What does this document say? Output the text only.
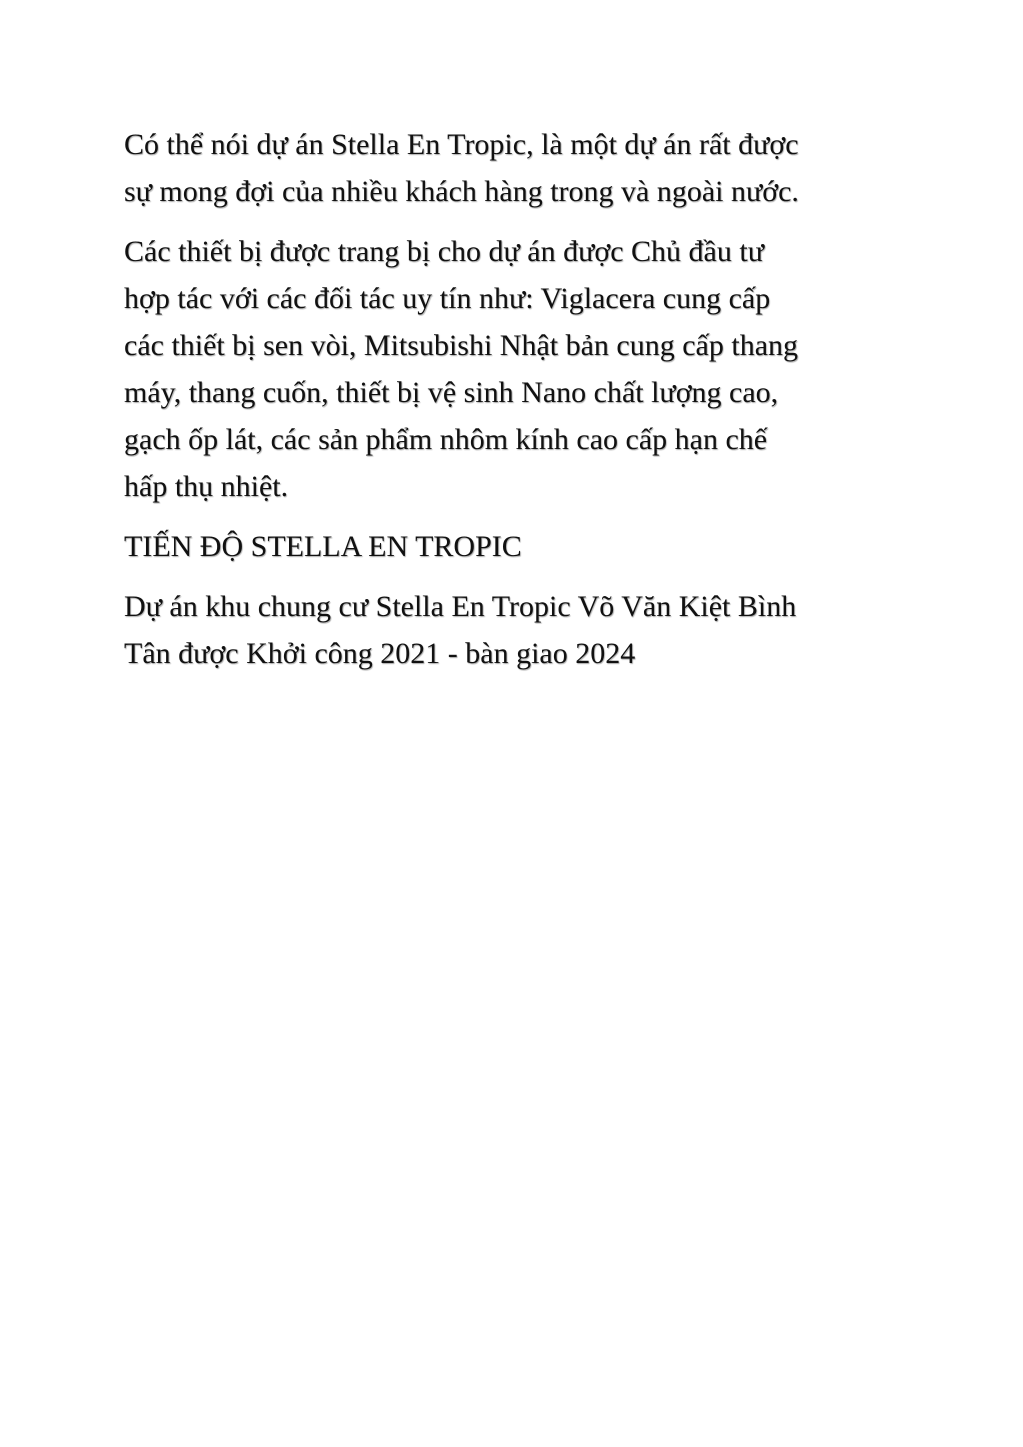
Có thể nói dự án Stella En Tropic, là một dự án rất được
sự mong đợi của nhiều khách hàng trong và ngoài nước.

Các thiết bị được trang bị cho dự án được Chủ đầu tư
hợp tác với các đối tác uy tín như: Viglacera cung cấp
các thiết bị sen vòi, Mitsubishi Nhật bản cung cấp thang
máy, thang cuốn, thiết bị vệ sinh Nano chất lượng cao,
gạch ốp lát, các sản phẩm nhôm kính cao cấp hạn chế
hấp thụ nhiệt.

TIẾN ĐỘ STELLA EN TROPIC

Dự án khu chung cư Stella En Tropic Võ Văn Kiệt Bình
Tân được Khởi công 2021 - bàn giao 2024
